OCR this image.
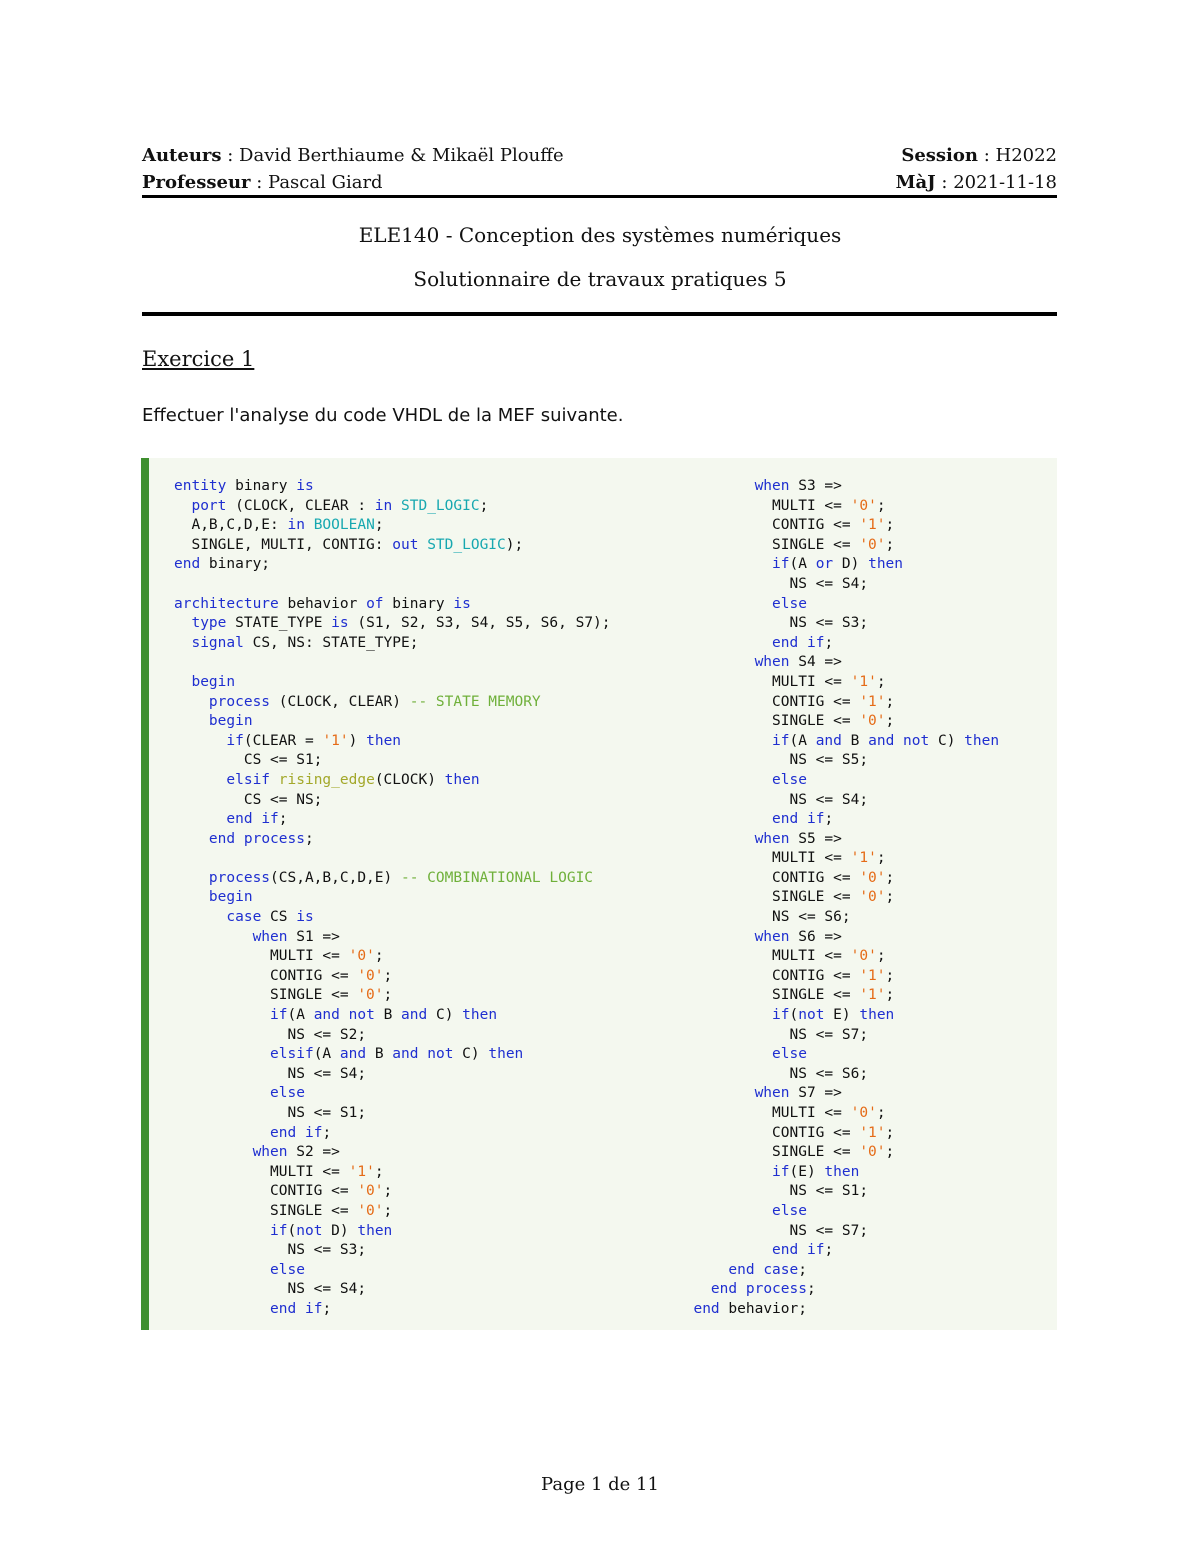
Auteurs : David Berthiaume & Mikaël Plouffe	Session : H2022
Professeur : Pascal Giard	MàJ : 2021-11-18
ELE140 - Conception des systèmes numériques
Solutionnaire de travaux pratiques 5
Exercice 1
Effectuer l'analyse du code VHDL de la MEF suivante.
entity binary is
port (CLOCK, CLEAR : in STD_LOGIC;
A,B,C,D,E: in BOOLEAN;
SINGLE, MULTI, CONTIG: out STD_LOGIC);
end binary;

architecture behavior of binary is
type STATE_TYPE is (S1, S2, S3, S4, S5, S6, S7);
signal CS, NS: STATE_TYPE;

begin
process (CLOCK, CLEAR) -- STATE MEMORY
begin
if(CLEAR = '1') then
CS <= S1;
elsif rising_edge(CLOCK) then
CS <= NS;
end if;
end process;

process(CS,A,B,C,D,E) -- COMBINATIONAL LOGIC
begin
case CS is
when S1 =>
MULTI <= '0';
CONTIG <= '0';
SINGLE <= '0';
if(A and not B and C) then
NS <= S2;
elsif(A and B and not C) then
NS <= S4;
else
NS <= S1;
end if;
when S2 =>
MULTI <= '1';
CONTIG <= '0';
SINGLE <= '0';
if(not D) then
NS <= S3;
else
NS <= S4;
end if;
when S3 =>
MULTI <= '0';
CONTIG <= '1';
SINGLE <= '0';
if(A or D) then
NS <= S4;
else
NS <= S3;
end if;
when S4 =>
MULTI <= '1';
CONTIG <= '1';
SINGLE <= '0';
if(A and B and not C) then
NS <= S5;
else
NS <= S4;
end if;
when S5 =>
MULTI <= '1';
CONTIG <= '0';
SINGLE <= '0';
NS <= S6;
when S6 =>
MULTI <= '0';
CONTIG <= '1';
SINGLE <= '1';
if(not E) then
NS <= S7;
else
NS <= S6;
when S7 =>
MULTI <= '0';
CONTIG <= '1';
SINGLE <= '0';
if(E) then
NS <= S1;
else
NS <= S7;
end if;
end case;
end process;
end behavior;
Page 1 de 11
